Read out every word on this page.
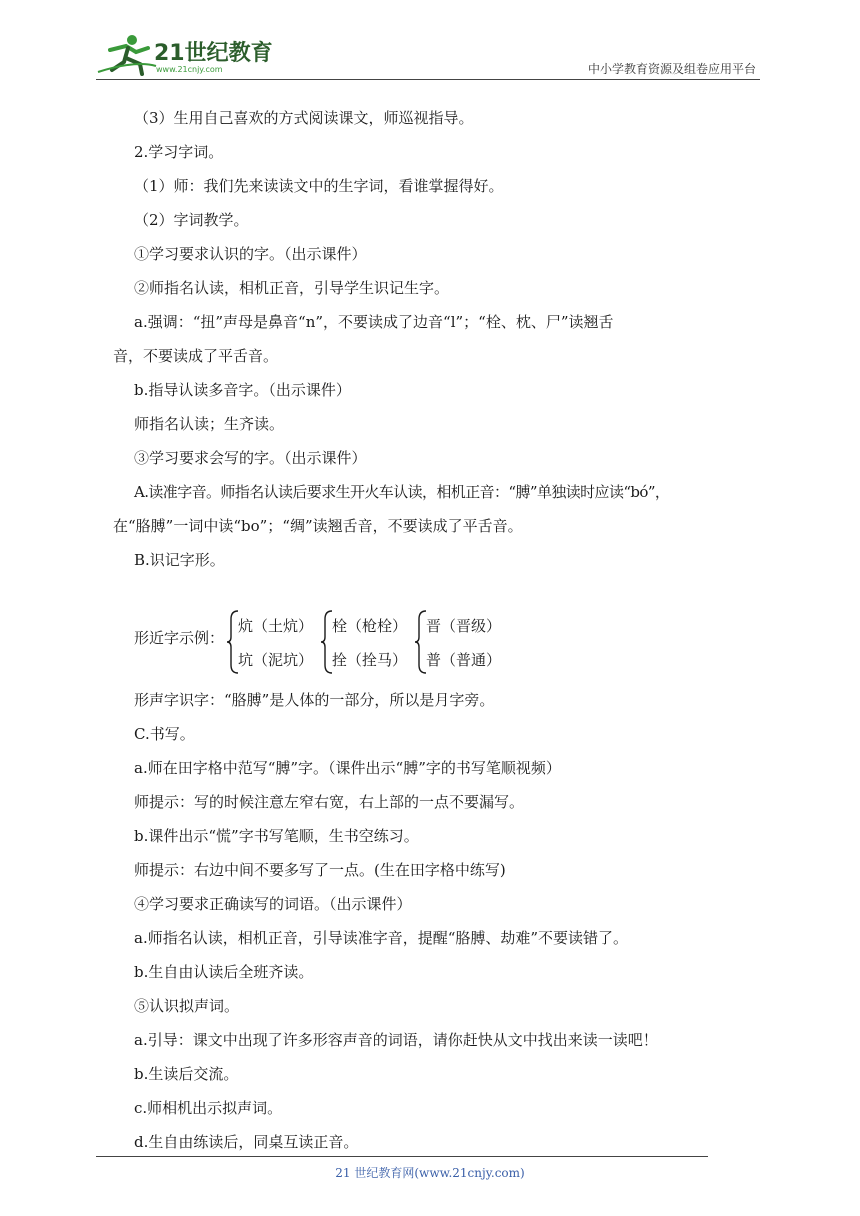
21世纪教育
www.21cnjy.com	中小学教育资源及组卷应用平台
（3）生用自己喜欢的方式阅读课文，师巡视指导。
2.学习字词。
（1）师：我们先来读读文中的生字词，看谁掌握得好。
（2）字词教学。
①学习要求认识的字。（出示课件）
②师指名认读，相机正音，引导学生识记生字。
a.强调：“扭”声母是鼻音“n”，不要读成了边音“l”；“栓、枕、尸”读翘舌
音，不要读成了平舌音。
b.指导认读多音字。（出示课件）
师指名认读；生齐读。
③学习要求会写的字。（出示课件）
A.读准字音。师指名认读后要求生开火车认读，相机正音：“膊”单独读时应读“bó”，
在“胳膊”一词中读“bo”；“绸”读翘舌音，不要读成了平舌音。
B.识记字形。
形近字示例：
炕（土炕）
坑（泥坑）
栓（枪栓）
拴（拴马）
晋（晋级）
普（普通）
形声字识字：“胳膊”是人体的一部分，所以是月字旁。
C.书写。
a.师在田字格中范写“膊”字。（课件出示“膊”字的书写笔顺视频）
师提示：写的时候注意左窄右宽，右上部的一点不要漏写。
b.课件出示“慌”字书写笔顺，生书空练习。
师提示：右边中间不要多写了一点。(生在田字格中练写)
④学习要求正确读写的词语。（出示课件）
a.师指名认读，相机正音，引导读准字音，提醒“胳膊、劫难”不要读错了。
b.生自由认读后全班齐读。
⑤认识拟声词。
a.引导：课文中出现了许多形容声音的词语，请你赶快从文中找出来读一读吧！
b.生读后交流。
c.师相机出示拟声词。
d.生自由练读后，同桌互读正音。
21 世纪教育网(www.21cnjy.com)
